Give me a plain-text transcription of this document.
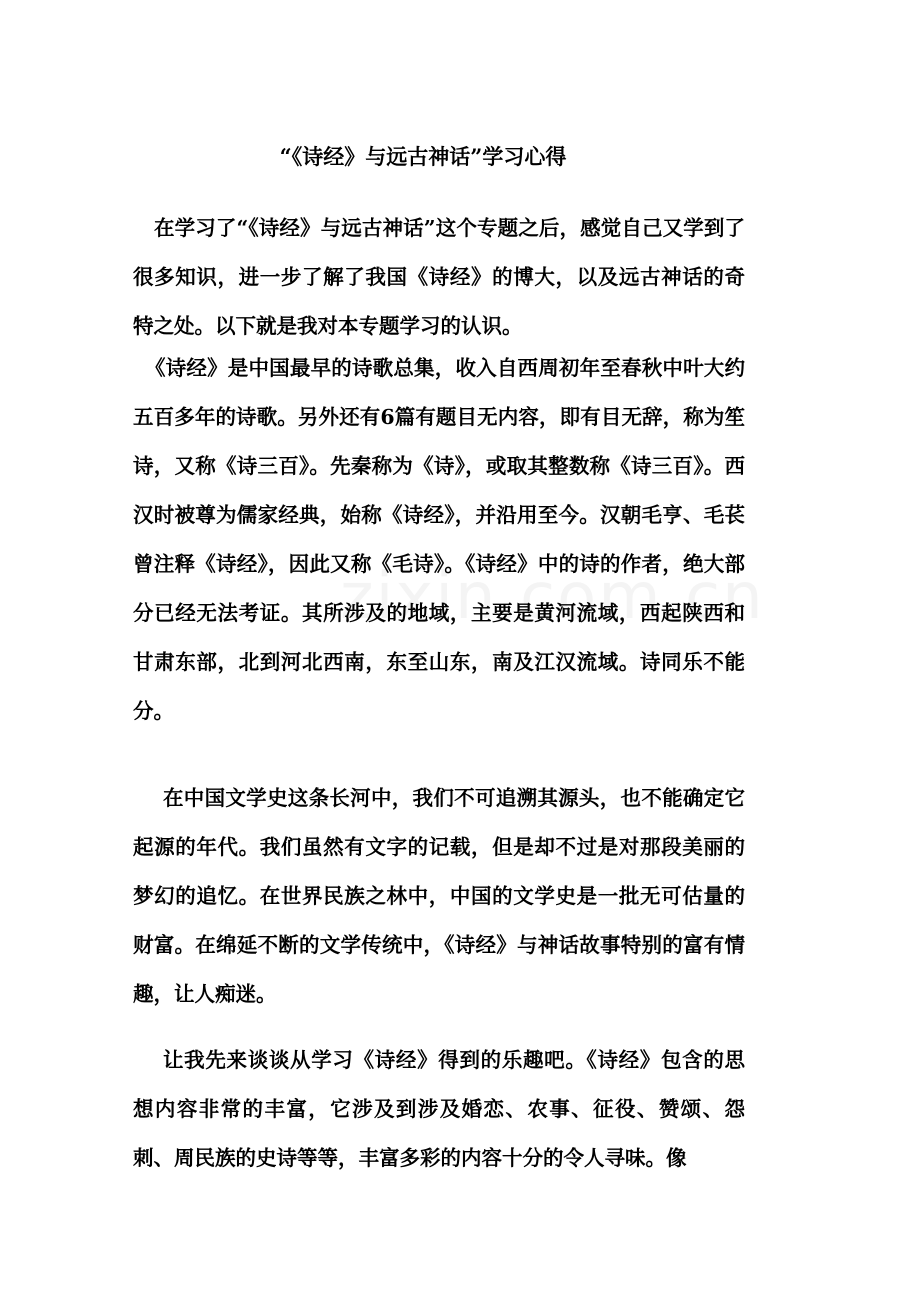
“《诗经》与远古神话”学习心得

在学习了“《诗经》与远古神话”这个专题之后，感觉自己又学到了很多知识，进一步了解了我国《诗经》的博大，以及远古神话的奇特之处。以下就是我对本专题学习的认识。

《诗经》是中国最早的诗歌总集，收入自西周初年至春秋中叶大约五百多年的诗歌。另外还有6篇有题目无内容，即有目无辞，称为笙诗，又称《诗三百》。先秦称为《诗》，或取其整数称《诗三百》。西汉时被尊为儒家经典，始称《诗经》，并沿用至今。汉朝毛亨、毛苌曾注释《诗经》，因此又称《毛诗》。《诗经》中的诗的作者，绝大部分已经无法考证。其所涉及的地域，主要是黄河流域，西起陕西和甘肃东部，北到河北西南，东至山东，南及江汉流域。诗同乐不能分。

在中国文学史这条长河中，我们不可追溯其源头，也不能确定它起源的年代。我们虽然有文字的记载，但是却不过是对那段美丽的梦幻的追忆。在世界民族之林中，中国的文学史是一批无可估量的财富。在绵延不断的文学传统中，《诗经》与神话故事特别的富有情趣，让人痴迷。

让我先来谈谈从学习《诗经》得到的乐趣吧。《诗经》包含的思想内容非常的丰富，它涉及到涉及婚恋、农事、征役、赞颂、怨刺、周民族的史诗等等，丰富多彩的内容十分的令人寻味。像
